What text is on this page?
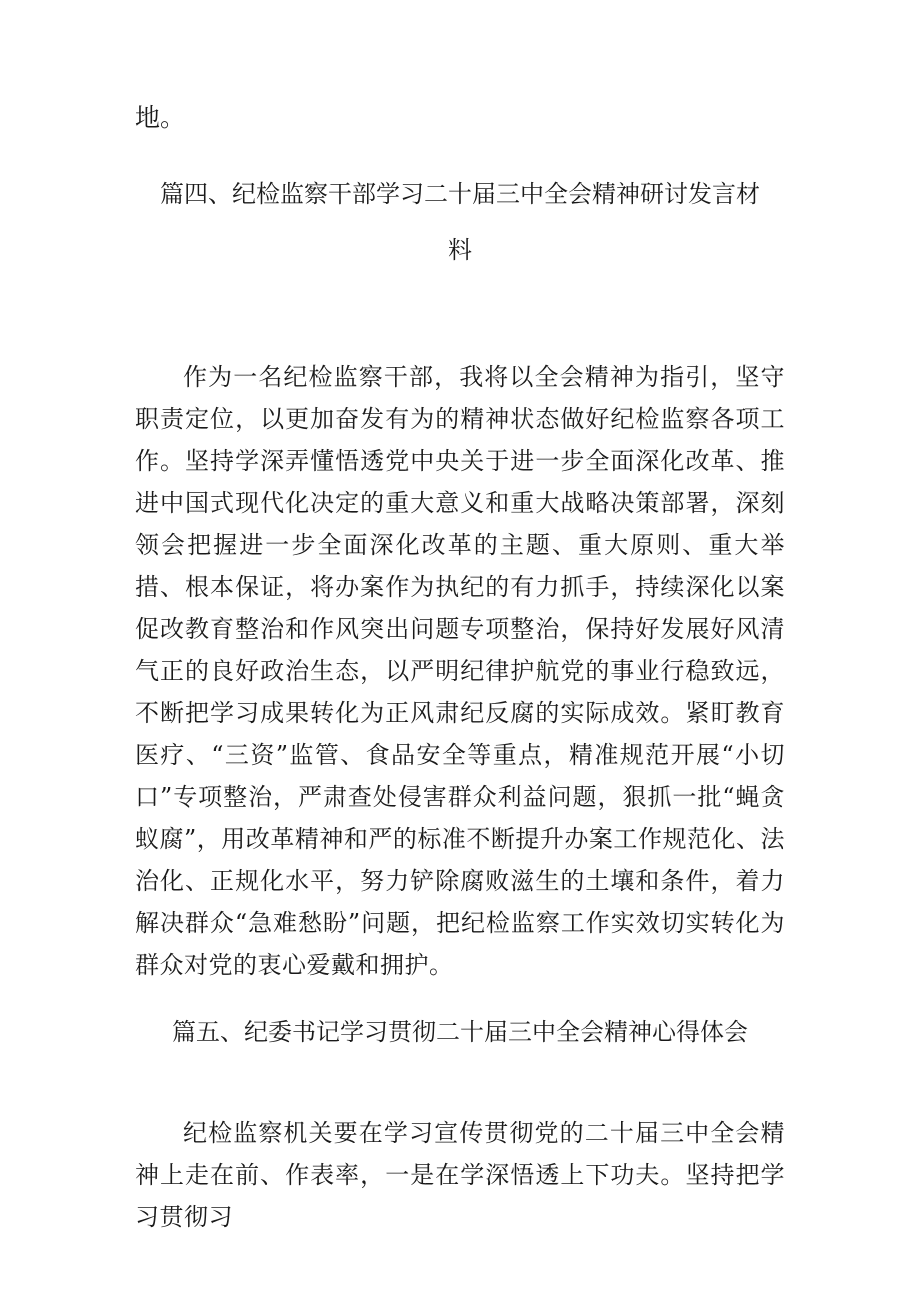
地。

篇四、纪检监察干部学习二十届三中全会精神研讨发言材料

作为一名纪检监察干部，我将以全会精神为指引，坚守职责定位，以更加奋发有为的精神状态做好纪检监察各项工作。坚持学深弄懂悟透党中央关于进一步全面深化改革、推进中国式现代化决定的重大意义和重大战略决策部署，深刻领会把握进一步全面深化改革的主题、重大原则、重大举措、根本保证，将办案作为执纪的有力抓手，持续深化以案促改教育整治和作风突出问题专项整治，保持好发展好风清气正的良好政治生态，以严明纪律护航党的事业行稳致远，不断把学习成果转化为正风肃纪反腐的实际成效。紧盯教育医疗、“三资”监管、食品安全等重点，精准规范开展“小切口”专项整治，严肃查处侵害群众利益问题，狠抓一批“蝇贪蚁腐”，用改革精神和严的标准不断提升办案工作规范化、法治化、正规化水平，努力铲除腐败滋生的土壤和条件，着力解决群众“急难愁盼”问题，把纪检监察工作实效切实转化为群众对党的衷心爱戴和拥护。

篇五、纪委书记学习贯彻二十届三中全会精神心得体会

纪检监察机关要在学习宣传贯彻党的二十届三中全会精神上走在前、作表率，一是在学深悟透上下功夫。坚持把学习贯彻习
